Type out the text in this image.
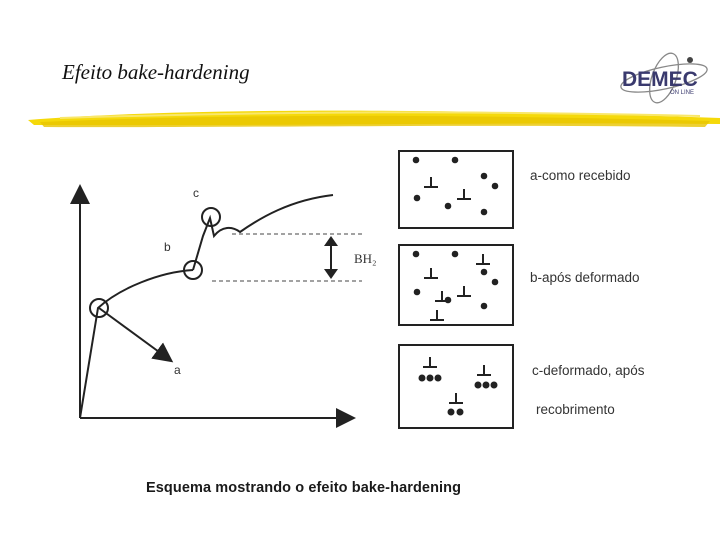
Efeito bake-hardening	DEMEC
ON LINE
c
b
a
BH₂
a-como recebido
b-após deformado
c-deformado, após
recobrimento
Esquema mostrando o efeito bake-hardening
